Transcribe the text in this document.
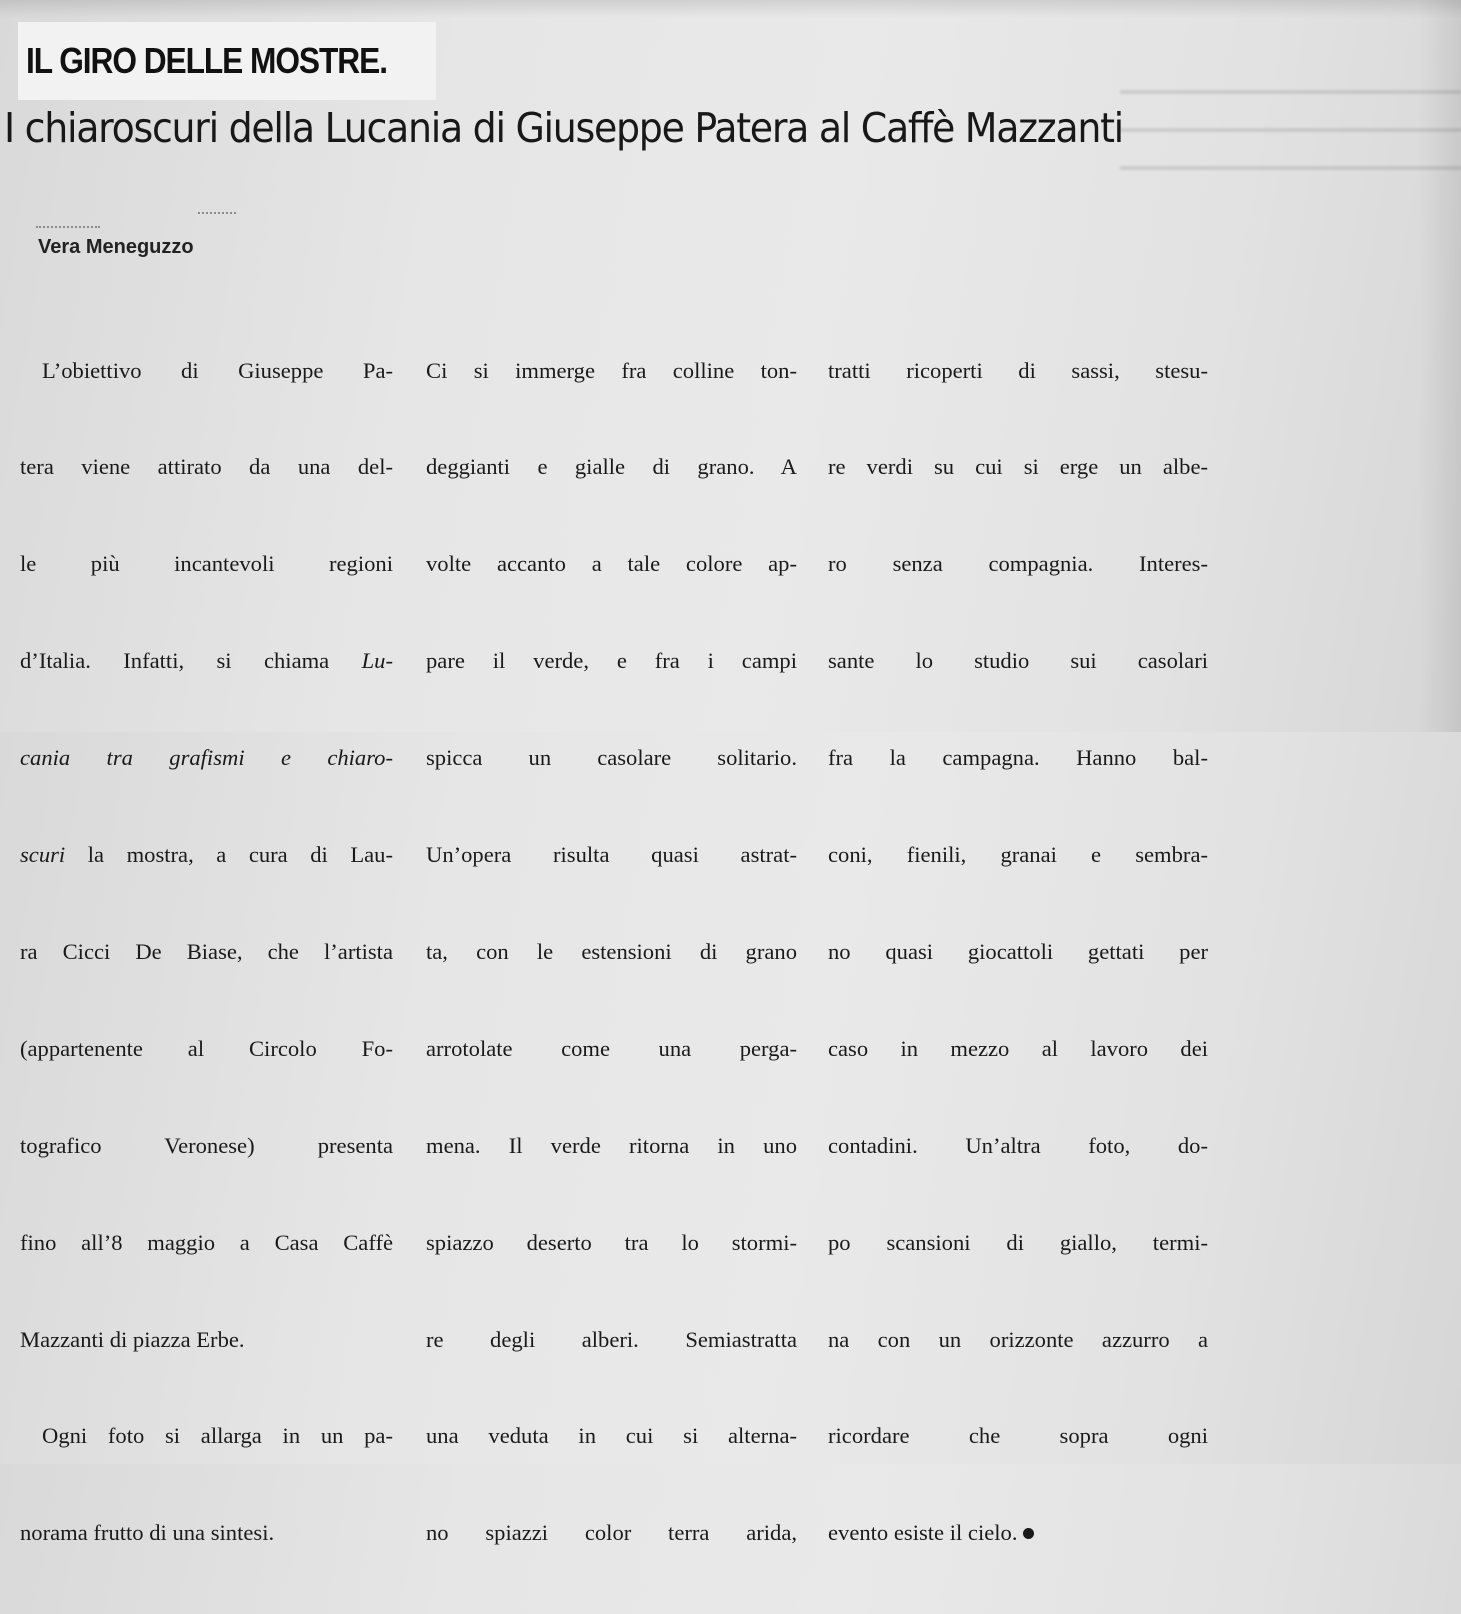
IL GIRO DELLE MOSTRE.
I chiaroscuri della Lucania di Giuseppe Patera al Caffè Mazzanti
Vera Meneguzzo

L’obiettivo di Giuseppe Pa-

tera viene attirato da una del-

le più incantevoli regioni

d’Italia. Infatti, si chiama Lu-

cania tra grafismi e chiaro-

scuri la mostra, a cura di Lau-

ra Cicci De Biase, che l’artista

(appartenente al Circolo Fo-

tografico Veronese) presenta

fino all’8 maggio a Casa Caffè

Mazzanti di piazza Erbe.

Ogni foto si allarga in un pa-

norama frutto di una sintesi.

Ci si immerge fra colline ton-

deggianti e gialle di grano. A

volte accanto a tale colore ap-

pare il verde, e fra i campi

spicca un casolare solitario.

Un’opera risulta quasi astrat-

ta, con le estensioni di grano

arrotolate come una perga-

mena. Il verde ritorna in uno

spiazzo deserto tra lo stormi-

re degli alberi. Semiastratta

una veduta in cui si alterna-

no spiazzi color terra arida,

tratti ricoperti di sassi, stesu-

re verdi su cui si erge un albe-

ro senza compagnia. Interes-

sante lo studio sui casolari

fra la campagna. Hanno bal-

coni, fienili, granai e sembra-

no quasi giocattoli gettati per

caso in mezzo al lavoro dei

contadini. Un’altra foto, do-

po scansioni di giallo, termi-

na con un orizzonte azzurro a

ricordare che sopra ogni

evento esiste il cielo.
